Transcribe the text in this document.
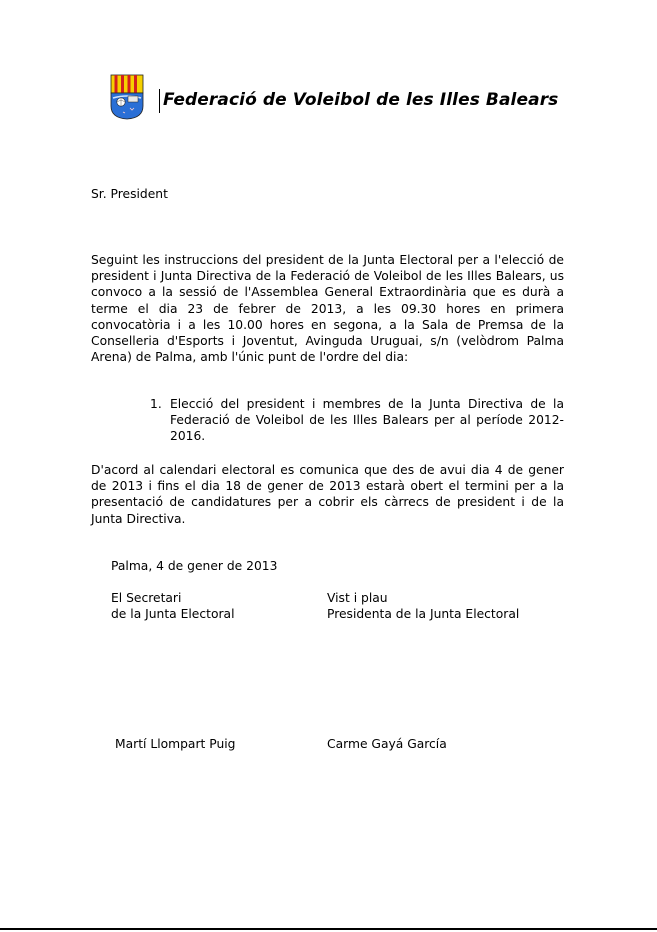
Federació de Voleibol de les Illes Balears
Sr. President

Seguint les instruccions del president de la Junta Electoral per a l'elecció de president i Junta Directiva de la Federació de Voleibol de les Illes Balears, us convoco a la sessió de l'Assemblea General Extraordinària que es durà a terme el dia 23 de febrer de 2013, a les 09.30 hores en primera convocatòria i a les 10.00 hores en segona, a la Sala de Premsa de la Conselleria d'Esports i Joventut, Avinguda Uruguai, s/n (velòdrom Palma Arena) de Palma, amb l'únic punt de l'ordre del dia:

1. Elecció del president i membres de la Junta Directiva de la Federació de Voleibol de les Illes Balears per al període 2012-2016.

D'acord al calendari electoral es comunica que des de avui dia 4 de gener de 2013 i fins el dia 18 de gener de 2013 estarà obert el termini per a la presentació de candidatures per a cobrir els càrrecs de president i de la Junta Directiva.

Palma, 4 de gener de 2013
El Secretari
de la Junta Electoral
Vist i plau
Presidenta de la Junta Electoral
Martí Llompart Puig	Carme Gayá García
